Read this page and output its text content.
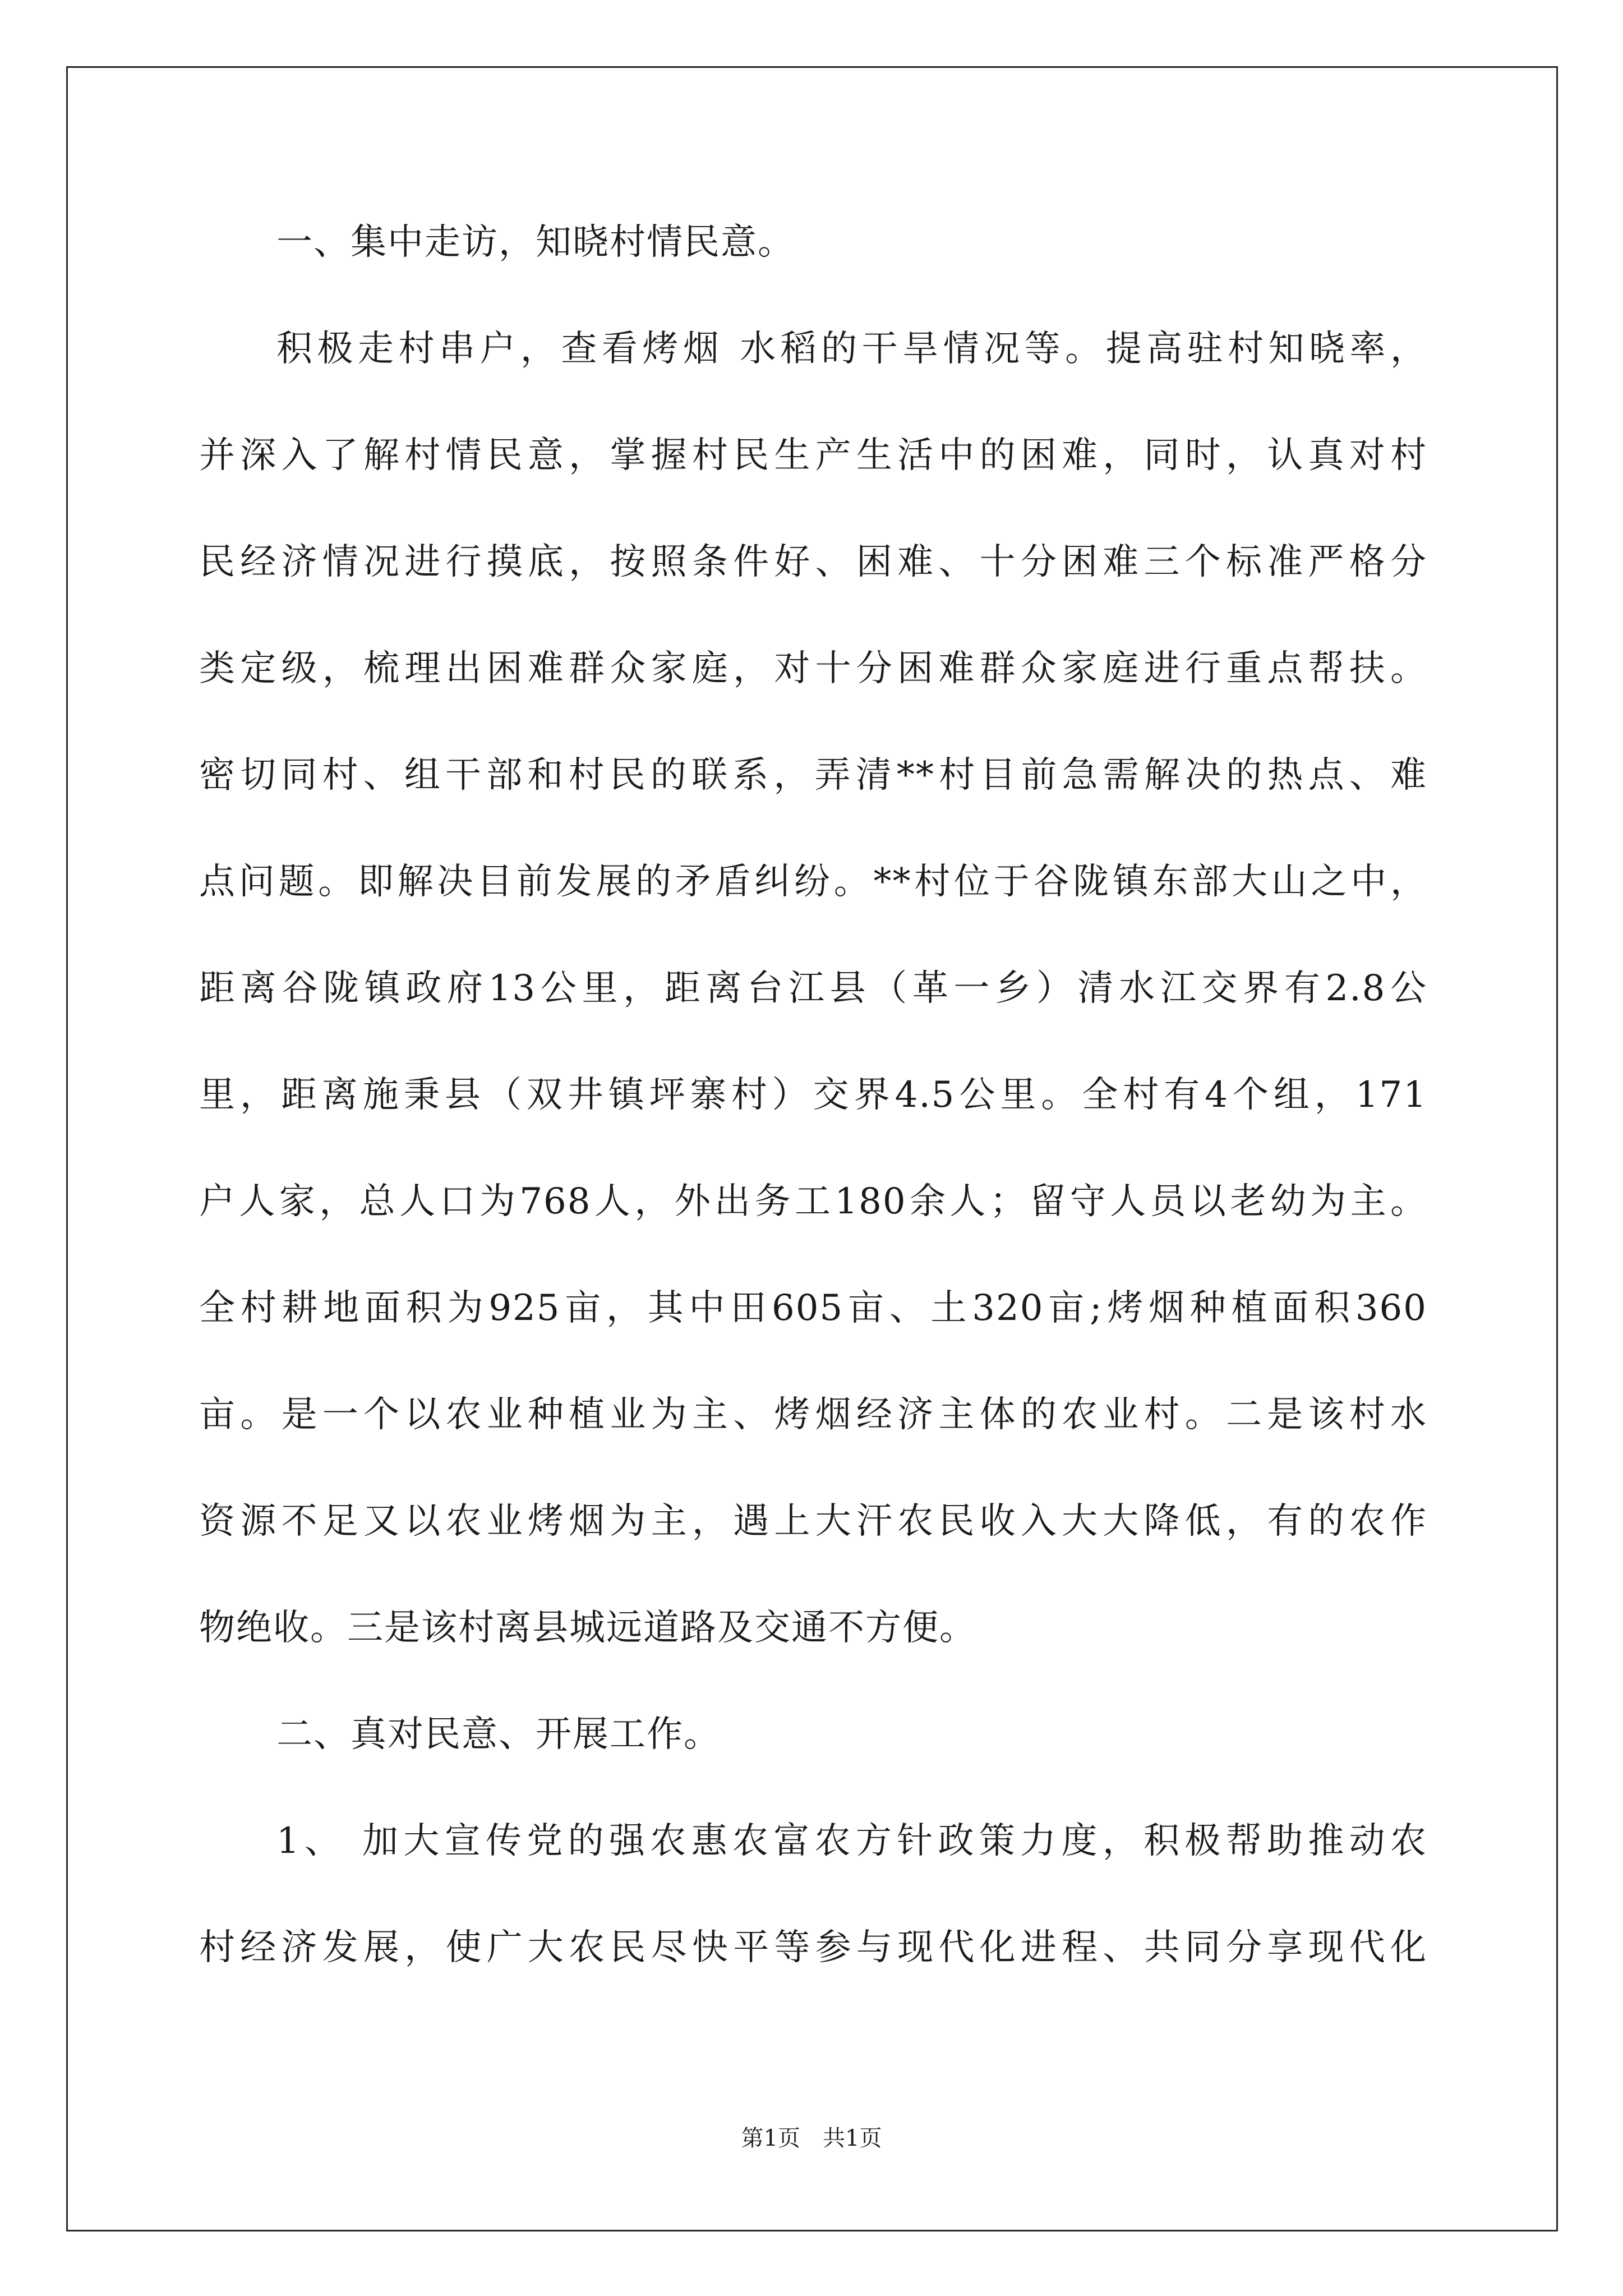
一、集中走访，知晓村情民意。
积极走村串户，查看烤烟 水稻的干旱情况等。提高驻村知晓率，
并深入了解村情民意，掌握村民生产生活中的困难，同时，认真对村
民经济情况进行摸底，按照条件好、困难、十分困难三个标准严格分
类定级，梳理出困难群众家庭，对十分困难群众家庭进行重点帮扶。
密切同村、组干部和村民的联系，弄清**村目前急需解决的热点、难
点问题。即解决目前发展的矛盾纠纷。**村位于谷陇镇东部大山之中，
距离谷陇镇政府13公里，距离台江县（革一乡）清水江交界有2.8公
里，距离施秉县（双井镇坪寨村）交界4.5公里。全村有4个组，171
户人家，总人口为768人，外出务工180余人；留守人员以老幼为主。
全村耕地面积为925亩，其中田605亩、土320亩;烤烟种植面积360
亩。是一个以农业种植业为主、烤烟经济主体的农业村。二是该村水
资源不足又以农业烤烟为主，遇上大汗农民收入大大降低，有的农作
物绝收。三是该村离县城远道路及交通不方便。
二、真对民意、开展工作。
1、 加大宣传党的强农惠农富农方针政策力度，积极帮助推动农
村经济发展，使广大农民尽快平等参与现代化进程、共同分享现代化
第1页 共1页
